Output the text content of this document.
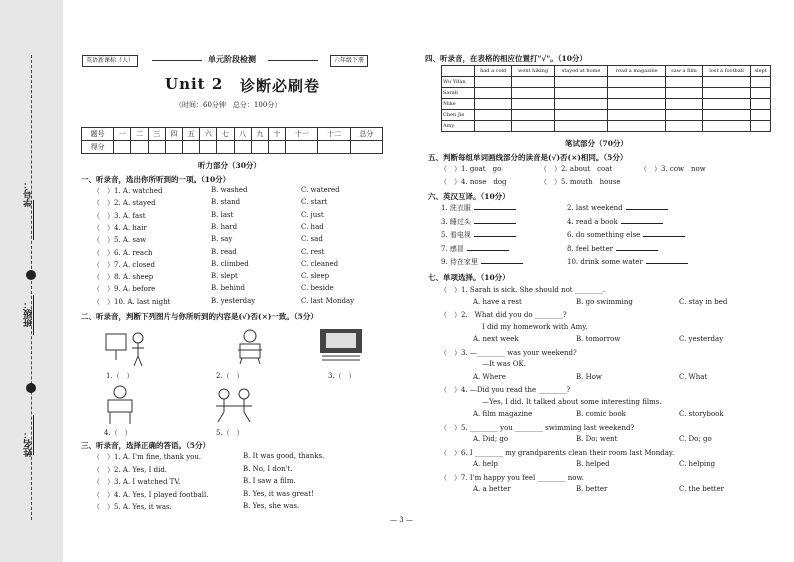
学号：
班级：
姓名：
英语新课标（人）	单元阶段检测	六年级下册
Unit 2 诊断必刷卷
（时间：60分钟　总分：100分）
题号	一	二	三	四	五	六	七	八	九	十	十一	十二	总分
得分													
听力部分（30分）
一、听录音，选出你所听到的一项。（10分）
（　）1. A. watched	B. washed	C. watered
（　）2. A. stayed	B. stand	C. start
（　）3. A. fast	B. last	C. just
（　）4. A. hair	B. hard	C. had
（　）5. A. saw	B. say	C. sad
（　）6. A. reach	B. read	C. rest
（　）7. A. closed	B. climbed	C. cleaned
（　）8. A. sheep	B. slept	C. sleep
（　）9. A. before	B. behind	C. beside
（　）10. A. last night	B. yesterday	C. last Monday
二、听录音，判断下列图片与你所听到的内容是(√)否(×)一致。（5分）
1.（　）	2.（　）	3.（　）
4.（　）	5.（　）
三、听录音，选择正确的答语。（5分）
（　）1. A. I'm fine, thank you.	B. It was good, thanks.
（　）2. A. Yes, I did.	B. No, I don't.
（　）3. A. I watched TV.	B. I saw a film.
（　）4. A. Yes, I played football.	B. Yes, it was great!
（　）5. A. Yes, it was.	B. Yes, she was.
四、听录音，在表格的相应位置打"√"。（10分）
	had a cold	went hiking	stayed at home	read a magazine	saw a film	lost a football	slept
Wu Yifan							
Sarah							
Mike							
Chen Jie							
Amy							
笔试部分（70分）
五、判断每组单词画线部分的读音是(√)否(×)相同。（5分）
（　）1. goat　go	（　）2. about　coat	（　）3. cow　now
（　）4. nose　dog	（　）5. mouth　house
六、英汉互译。（10分）
1. 洗衣服	2. last weekend
3. 睡过头	4. read a book
5. 看电视	6. do something else
7. 感冒	8. feel better
9. 待在家里	10. drink some water
七、单项选择。（10分）
（　）1. Sarah is sick. She should not ________.
A. have a rest	B. go swimming	C. stay in bed
（　）2.　What did you do ________?
I did my homework with Amy.
A. next week	B. tomorrow	C. yesterday
（　）3. —________ was your weekend?
—It was OK.
A. Where	B. How	C. What
（　）4. —Did you read the ________?
—Yes, I did. It talked about some interesting films.
A. film magazine	B. comic book	C. storybook
（　）5. ________ you ________ swimming last weekend?
A. Did; go	B. Do; went	C. Do; go
（　）6. I ________ my grandparents clean their room last Monday.
A. help	B. helped	C. helping
（　）7. I'm happy you feel ________ now.
A. a better	B. better	C. the better
— 3 —
